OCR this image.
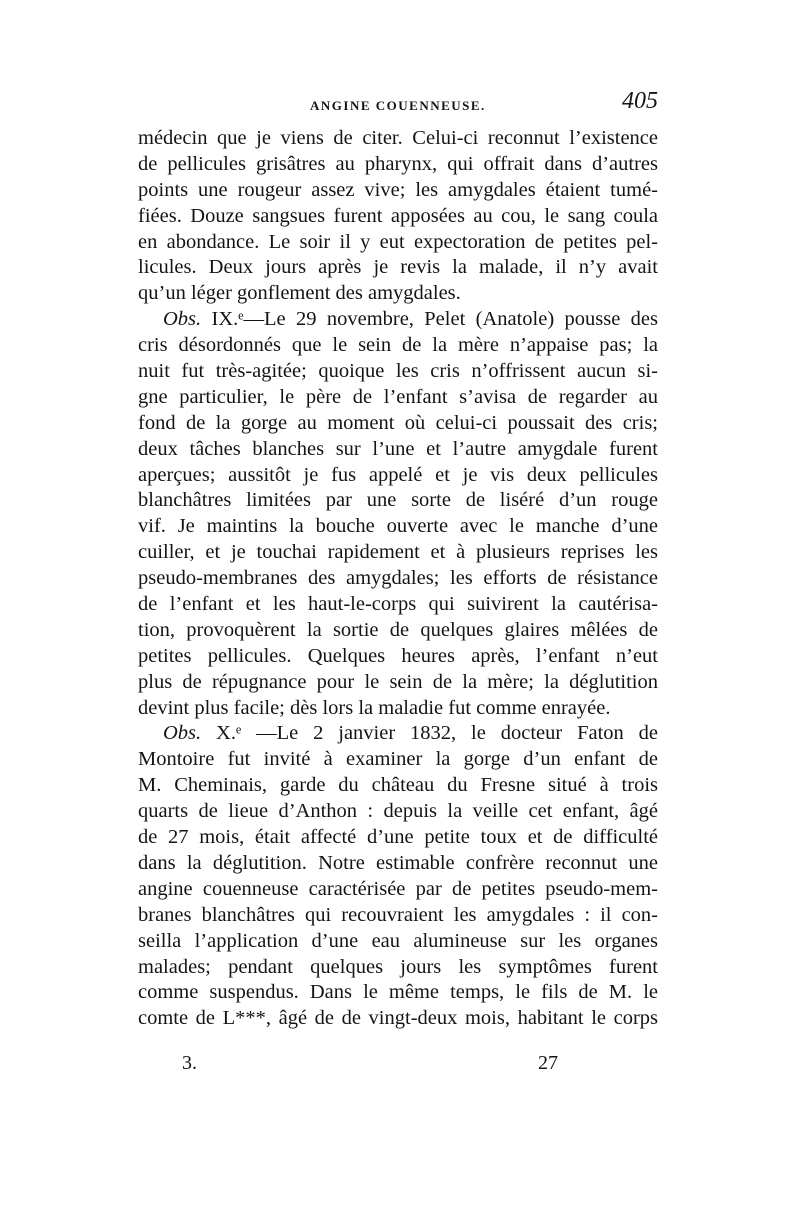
ANGINE COUENNEUSE.	405
médecin que je viens de citer. Celui-ci reconnut l’existence
de pellicules grisâtres au pharynx, qui offrait dans d’autres
points une rougeur assez vive; les amygdales étaient tumé-
fiées. Douze sangsues furent apposées au cou, le sang coula
en abondance. Le soir il y eut expectoration de petites pel-
licules. Deux jours après je revis la malade, il n’y avait
qu’un léger gonflement des amygdales.
Obs. IX.ᵉ—Le 29 novembre, Pelet (Anatole) pousse des
cris désordonnés que le sein de la mère n’appaise pas; la
nuit fut très-agitée; quoique les cris n’offrissent aucun si-
gne particulier, le père de l’enfant s’avisa de regarder au
fond de la gorge au moment où celui-ci poussait des cris;
deux tâches blanches sur l’une et l’autre amygdale furent
aperçues; aussitôt je fus appelé et je vis deux pellicules
blanchâtres limitées par une sorte de liséré d’un rouge
vif. Je maintins la bouche ouverte avec le manche d’une
cuiller, et je touchai rapidement et à plusieurs reprises les
pseudo-membranes des amygdales; les efforts de résistance
de l’enfant et les haut-le-corps qui suivirent la cautérisa-
tion, provoquèrent la sortie de quelques glaires mêlées de
petites pellicules. Quelques heures après, l’enfant n’eut
plus de répugnance pour le sein de la mère; la déglutition
devint plus facile; dès lors la maladie fut comme enrayée.
Obs. X.ᵉ —Le 2 janvier 1832, le docteur Faton de
Montoire fut invité à examiner la gorge d’un enfant de
M. Cheminais, garde du château du Fresne situé à trois
quarts de lieue d’Anthon : depuis la veille cet enfant, âgé
de 27 mois, était affecté d’une petite toux et de difficulté
dans la déglutition. Notre estimable confrère reconnut une
angine couenneuse caractérisée par de petites pseudo-mem-
branes blanchâtres qui recouvraient les amygdales : il con-
seilla l’application d’une eau alumineuse sur les organes
malades; pendant quelques jours les symptômes furent
comme suspendus. Dans le même temps, le fils de M. le
comte de L***, âgé de de vingt-deux mois, habitant le corps
3.	27
